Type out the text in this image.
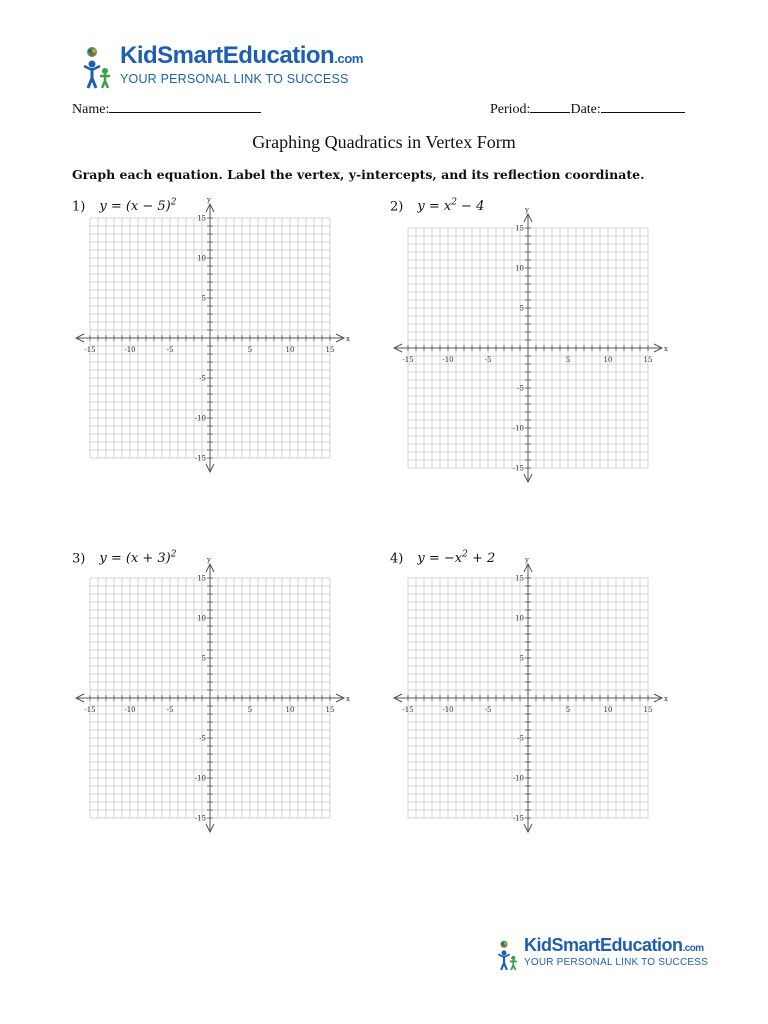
KidSmartEducation.com
YOUR PERSONAL LINK TO SUCCESS
Name:	Period:	Date:
Graphing Quadratics in Vertex Form
Graph each equation. Label the vertex, y-intercepts, and its reflection coordinate.
1) $y = (x - 5)^2$	2) $y = x^2 - 4$
3) $y = (x + 3)^2$	4) $y = -x^2 + 2$
x
y
-15	-10	-5	5	10	15
15
10
5
-5
-10
-15
x
y
-15	-10	-5	5	10	15
15
10
5
-5
-10
-15
x
y
-15	-10	-5	5	10	15
15
10
5
-5
-10
-15
x
y
-15	-10	-5	5	10	15
15
10
5
-5
-10
-15
KidSmartEducation.com
YOUR PERSONAL LINK TO SUCCESS
